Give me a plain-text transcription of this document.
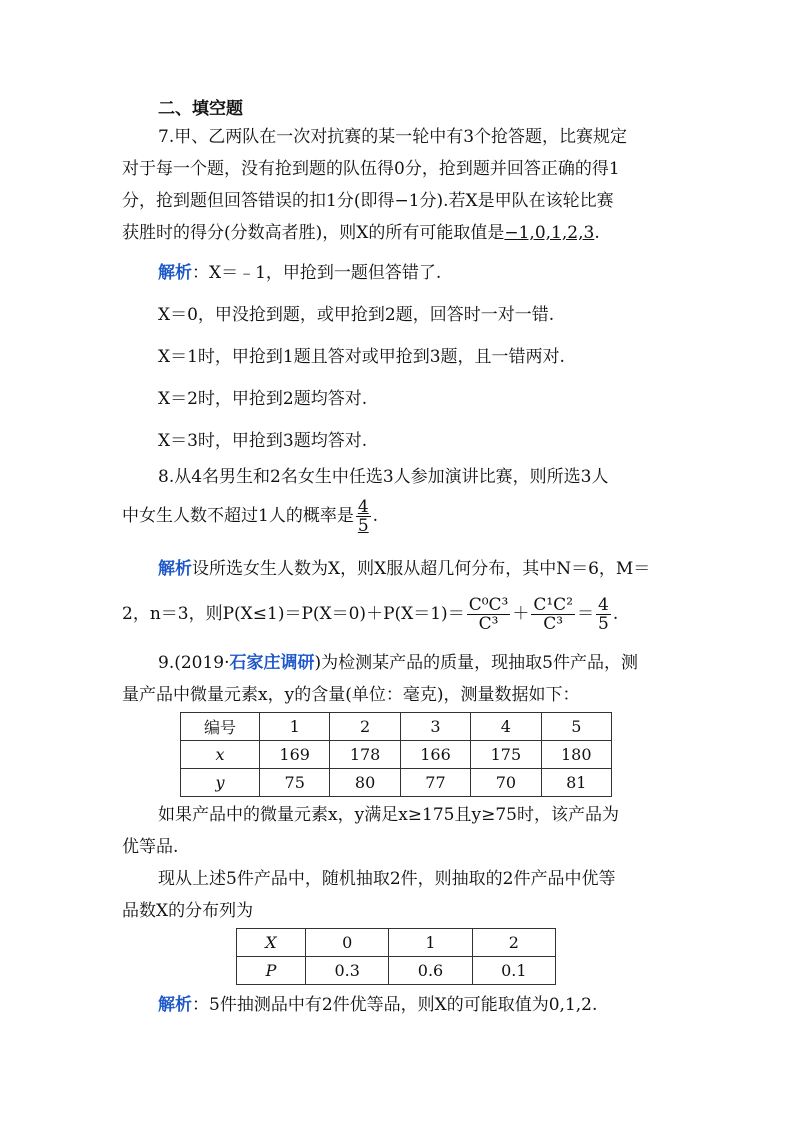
二、填空题
7.甲、乙两队在一次对抗赛的某一轮中有3个抢答题，比赛规定
对于每一个题，没有抢到题的队伍得0分，抢到题并回答正确的得1
分，抢到题但回答错误的扣1分(即得−1分).若X是甲队在该轮比赛
获胜时的得分(分数高者胜)，则X的所有可能取值是−1,0,1,2,3.
解析：X＝﹣1，甲抢到一题但答错了.
X＝0，甲没抢到题，或甲抢到2题，回答时一对一错.
X＝1时，甲抢到1题且答对或甲抢到3题，且一错两对.
X＝2时，甲抢到2题均答对.
X＝3时，甲抢到3题均答对.
8.从4名男生和2名女生中任选3人参加演讲比赛，则所选3人
中女生人数不超过1人的概率是 $\frac{4}{5}$ .
解析设所选女生人数为X，则X服从超几何分布，其中N＝6，M＝
2，n＝3，则$P(X\le 1)=P(X=0)+P(X=1)= \frac{\text{C⁰C³}}{\text{C³}} + \frac{\text{C¹C²}}{\text{C³}} = \frac{4}{5}$ .
9.(2019·石家庄调研)为检测某产品的质量，现抽取5件产品，测
量产品中微量元素x，y的含量(单位：毫克)，测量数据如下：
编号	1	2	3	4	5
x	169	178	166	175	180
y	75	80	77	70	81
如果产品中的微量元素x，y满足x≥175且y≥75时，该产品为
优等品.
现从上述5件产品中，随机抽取2件，则抽取的2件产品中优等
品数X的分布列为
X	0	1	2
P	0.3	0.6	0.1
解析：5件抽测品中有2件优等品，则X的可能取值为0,1,2.
